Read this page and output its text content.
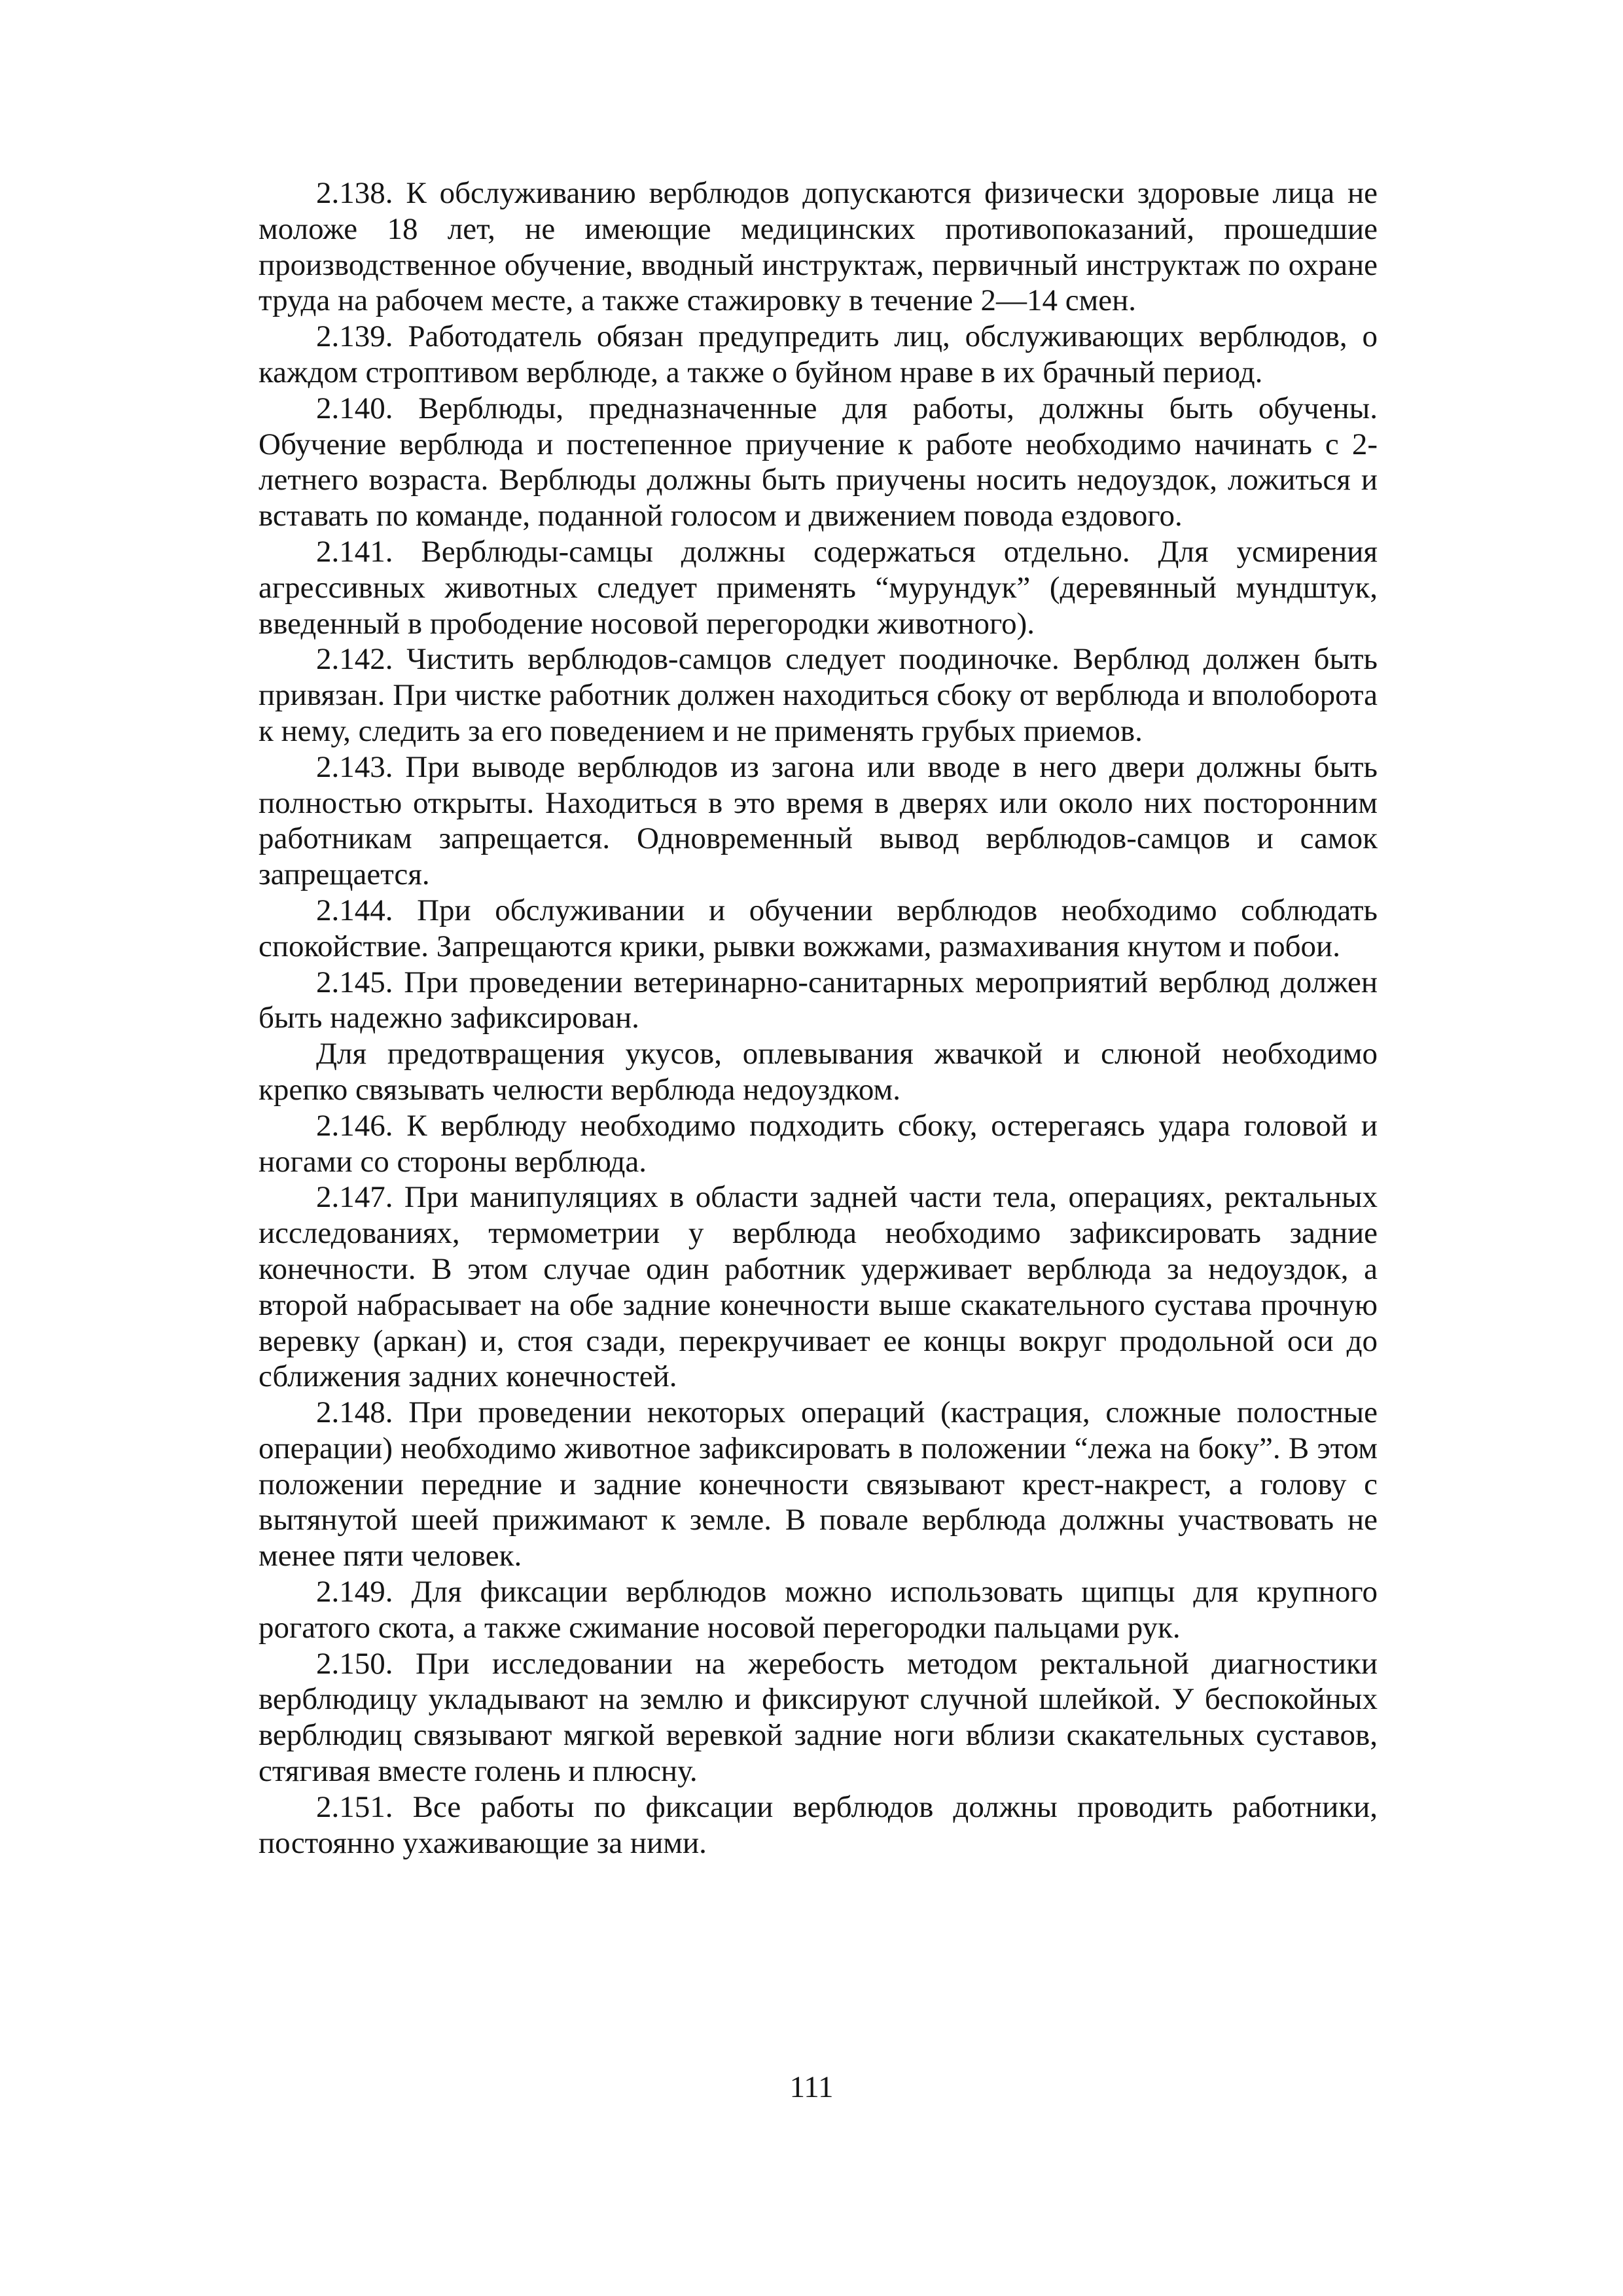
2.138. К обслуживанию верблюдов допускаются физически здоровые лица не моложе 18 лет, не имеющие медицинских противопоказаний, прошедшие производственное обучение, вводный инструктаж, первичный инструктаж по охране труда на рабочем месте, а также стажировку в течение 2—14 смен.

2.139. Работодатель обязан предупредить лиц, обслуживающих верблюдов, о каждом строптивом верблюде, а также о буйном нраве в их брачный период.

2.140. Верблюды, предназначенные для работы, должны быть обучены. Обучение верблюда и постепенное приучение к работе необходимо начинать с 2-летнего возраста. Верблюды должны быть приучены носить недоуздок, ложиться и вставать по команде, поданной голосом и движением повода ездового.

2.141. Верблюды-самцы должны содержаться отдельно. Для усмирения агрессивных животных следует применять “мурундук” (деревянный мундштук, введенный в прободение носовой перегородки животного).

2.142. Чистить верблюдов-самцов следует поодиночке. Верблюд должен быть привязан. При чистке работник должен находиться сбоку от верблюда и вполоборота к нему, следить за его поведением и не применять грубых приемов.

2.143. При выводе верблюдов из загона или вводе в него двери должны быть полностью открыты. Находиться в это время в дверях или около них посторонним работникам запрещается. Одновременный вывод верблюдов-самцов и самок запрещается.

2.144. При обслуживании и обучении верблюдов необходимо соблюдать спокойствие. Запрещаются крики, рывки вожжами, размахивания кнутом и побои.

2.145. При проведении ветеринарно-санитарных мероприятий верблюд должен быть надежно зафиксирован.

Для предотвращения укусов, оплевывания жвачкой и слюной необходимо крепко связывать челюсти верблюда недоуздком.

2.146. К верблюду необходимо подходить сбоку, остерегаясь удара головой и ногами со стороны верблюда.

2.147. При манипуляциях в области задней части тела, операциях, ректальных исследованиях, термометрии у верблюда необходимо зафиксировать задние конечности. В этом случае один работник удерживает верблюда за недоуздок, а второй набрасывает на обе задние конечности выше скакательного сустава прочную веревку (аркан) и, стоя сзади, перекручивает ее концы вокруг продольной оси до сближения задних конечностей.

2.148. При проведении некоторых операций (кастрация, сложные полостные операции) необходимо животное зафиксировать в положении “лежа на боку”. В этом положении передние и задние конечности связывают крест-накрест, а голову с вытянутой шеей прижимают к земле. В повале верблюда должны участвовать не менее пяти человек.

2.149. Для фиксации верблюдов можно использовать щипцы для крупного рогатого скота, а также сжимание носовой перегородки пальцами рук.

2.150. При исследовании на жеребость методом ректальной диагностики верблюдицу укладывают на землю и фиксируют случной шлейкой. У беспокойных верблюдиц связывают мягкой веревкой задние ноги вблизи скакательных суставов, стягивая вместе голень и плюсну.

2.151. Все работы по фиксации верблюдов должны проводить работники, постоянно ухаживающие за ними.

111
